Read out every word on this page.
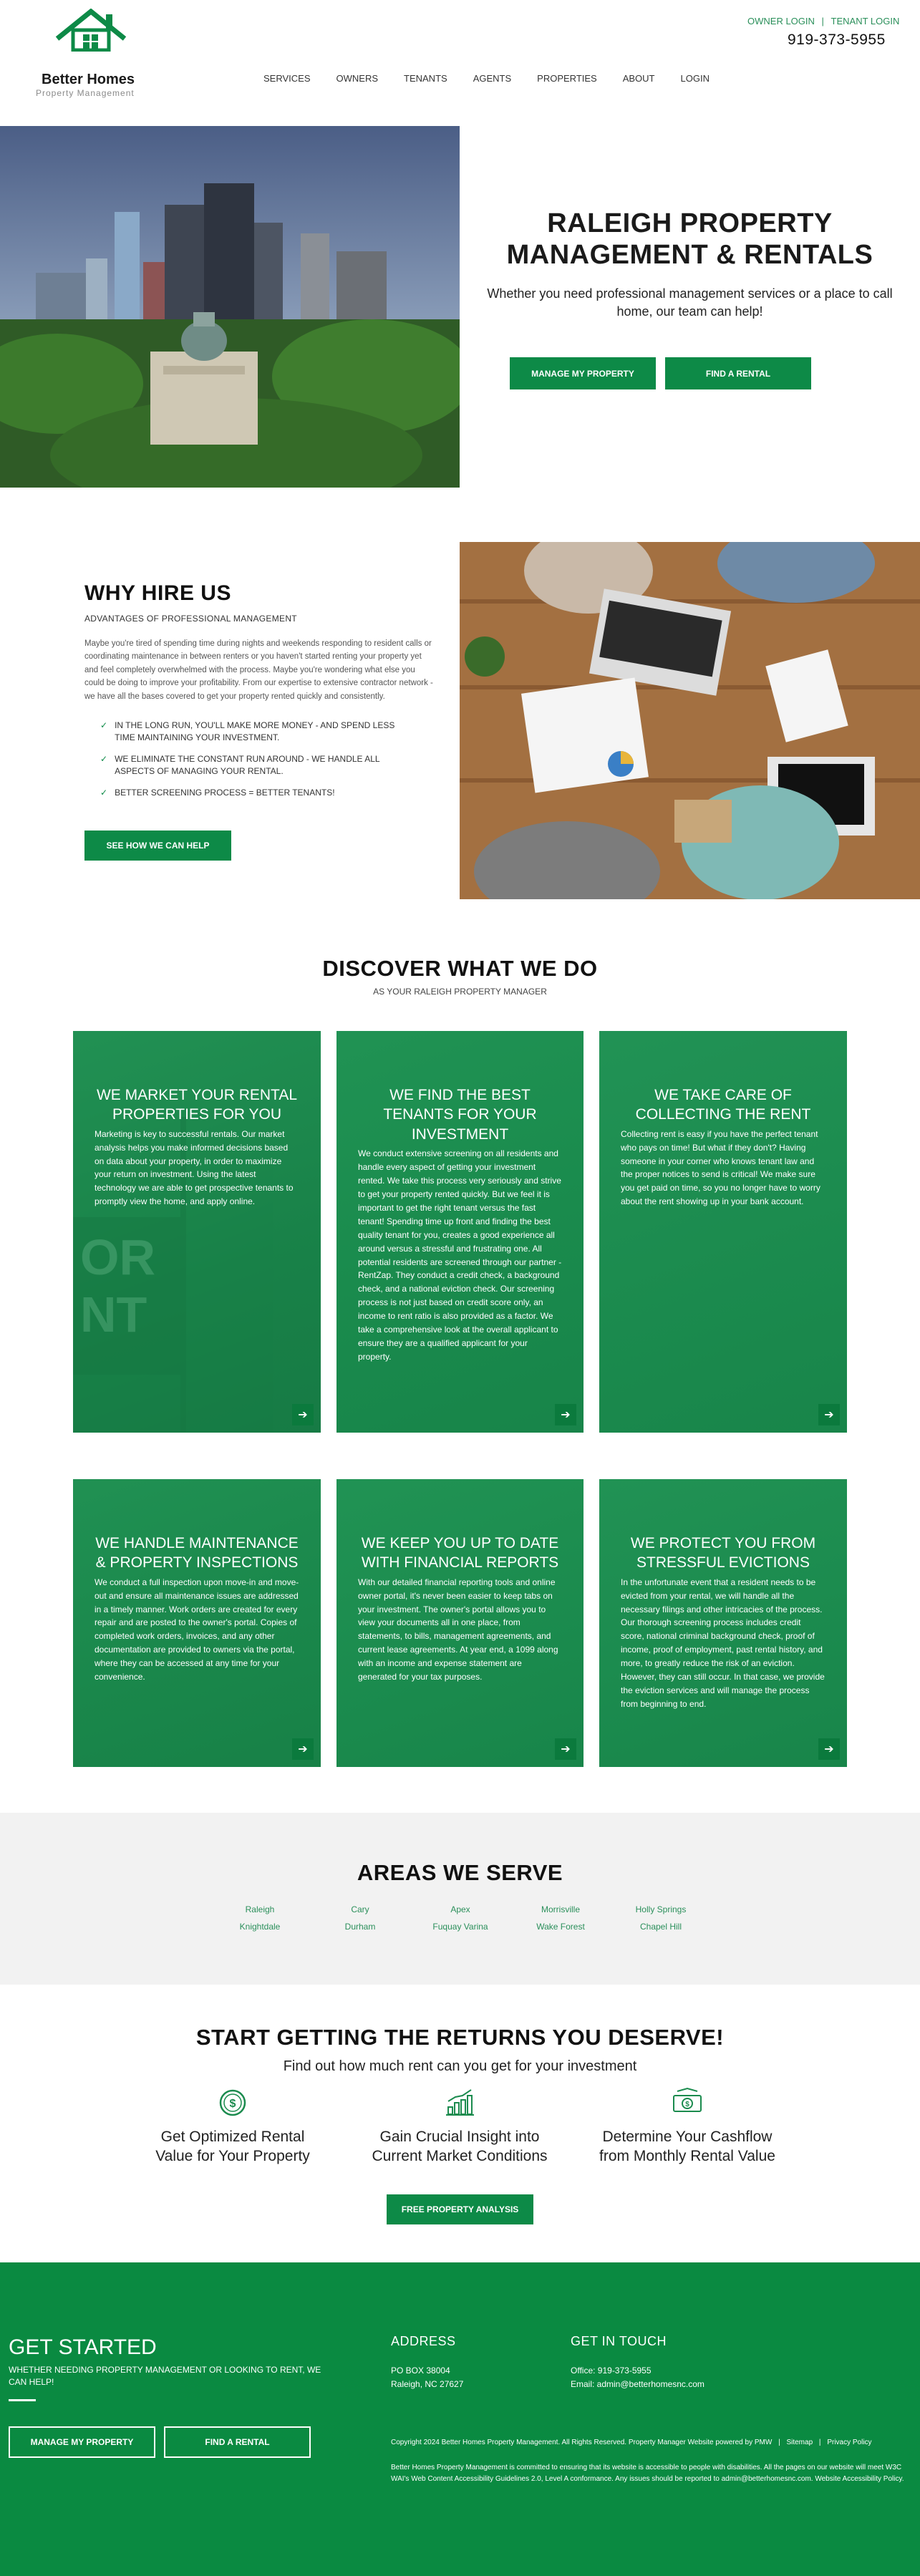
Better Homes
Property Management
OWNER LOGIN | TENANT LOGIN
919-373-5955
SERVICES	OWNERS	TENANTS	AGENTS	PROPERTIES	ABOUT	LOGIN
RALEIGH PROPERTY
MANAGEMENT & RENTALS
Whether you need professional management services or a place to call home, our team can help!
MANAGE MY PROPERTY	FIND A RENTAL
WHY HIRE US
ADVANTAGES OF PROFESSIONAL MANAGEMENT
Maybe you're tired of spending time during nights and weekends responding to resident calls or coordinating maintenance in between renters or you haven't started renting your property yet and feel completely overwhelmed with the process. Maybe you're wondering what else you could be doing to improve your profitability. From our expertise to extensive contractor network - we have all the bases covered to get your property rented quickly and consistently.
✓ IN THE LONG RUN, YOU'LL MAKE MORE MONEY - AND SPEND LESS TIME MAINTAINING YOUR INVESTMENT.
✓ WE ELIMINATE THE CONSTANT RUN AROUND - WE HANDLE ALL ASPECTS OF MANAGING YOUR RENTAL.
✓ BETTER SCREENING PROCESS = BETTER TENANTS!
SEE HOW WE CAN HELP
DISCOVER WHAT WE DO
AS YOUR RALEIGH PROPERTY MANAGER
OR
NT
WE MARKET YOUR RENTAL PROPERTIES FOR YOU
Marketing is key to successful rentals. Our market analysis helps you make informed decisions based on data about your property, in order to maximize your return on investment. Using the latest technology we are able to get prospective tenants to promptly view the home, and apply online.
➔
WE FIND THE BEST TENANTS FOR YOUR INVESTMENT
We conduct extensive screening on all residents and handle every aspect of getting your investment rented. We take this process very seriously and strive to get your property rented quickly. But we feel it is important to get the right tenant versus the fast tenant! Spending time up front and finding the best quality tenant for you, creates a good experience all around versus a stressful and frustrating one. All potential residents are screened through our partner - RentZap. They conduct a credit check, a background check, and a national eviction check. Our screening process is not just based on credit score only, an income to rent ratio is also provided as a factor. We take a comprehensive look at the overall applicant to ensure they are a qualified applicant for your property.
➔
WE TAKE CARE OF COLLECTING THE RENT
Collecting rent is easy if you have the perfect tenant who pays on time! But what if they don't? Having someone in your corner who knows tenant law and the proper notices to send is critical! We make sure you get paid on time, so you no longer have to worry about the rent showing up in your bank account.
➔
WE HANDLE MAINTENANCE & PROPERTY INSPECTIONS
We conduct a full inspection upon move-in and move-out and ensure all maintenance issues are addressed in a timely manner. Work orders are created for every repair and are posted to the owner's portal. Copies of completed work orders, invoices, and any other documentation are provided to owners via the portal, where they can be accessed at any time for your convenience.
➔
WE KEEP YOU UP TO DATE WITH FINANCIAL REPORTS
With our detailed financial reporting tools and online owner portal, it's never been easier to keep tabs on your investment. The owner's portal allows you to view your documents all in one place, from statements, to bills, management agreements, and current lease agreements. At year end, a 1099 along with an income and expense statement are generated for your tax purposes.
➔
WE PROTECT YOU FROM STRESSFUL EVICTIONS
In the unfortunate event that a resident needs to be evicted from your rental, we will handle all the necessary filings and other intricacies of the process. Our thorough screening process includes credit score, national criminal background check, proof of income, proof of employment, past rental history, and more, to greatly reduce the risk of an eviction. However, they can still occur. In that case, we provide the eviction services and will manage the process from beginning to end.
➔
AREAS WE SERVE
Raleigh	Cary	Apex	Morrisville	Holly Springs
Knightdale	Durham	Fuquay Varina	Wake Forest	Chapel Hill
START GETTING THE RETURNS YOU DESERVE!
Find out how much rent can you get for your investment
$
Get Optimized Rental
Value for Your Property
Gain Crucial Insight into
Current Market Conditions
$
Determine Your Cashflow
from Monthly Rental Value
FREE PROPERTY ANALYSIS
GET STARTED
WHETHER NEEDING PROPERTY MANAGEMENT OR LOOKING TO RENT, WE CAN HELP!
MANAGE MY PROPERTY	FIND A RENTAL
ADDRESS
PO BOX 38004
Raleigh, NC 27627
GET IN TOUCH
Office: 919-373-5955
Email: admin@betterhomesnc.com
Copyright 2024 Better Homes Property Management. All Rights Reserved. Property Manager Website powered by PMW | Sitemap | Privacy Policy
Better Homes Property Management is committed to ensuring that its website is accessible to people with disabilities. All the pages on our website will meet W3C WAI's Web Content Accessibility Guidelines 2.0, Level A conformance. Any issues should be reported to admin@betterhomesnc.com. Website Accessibility Policy.
